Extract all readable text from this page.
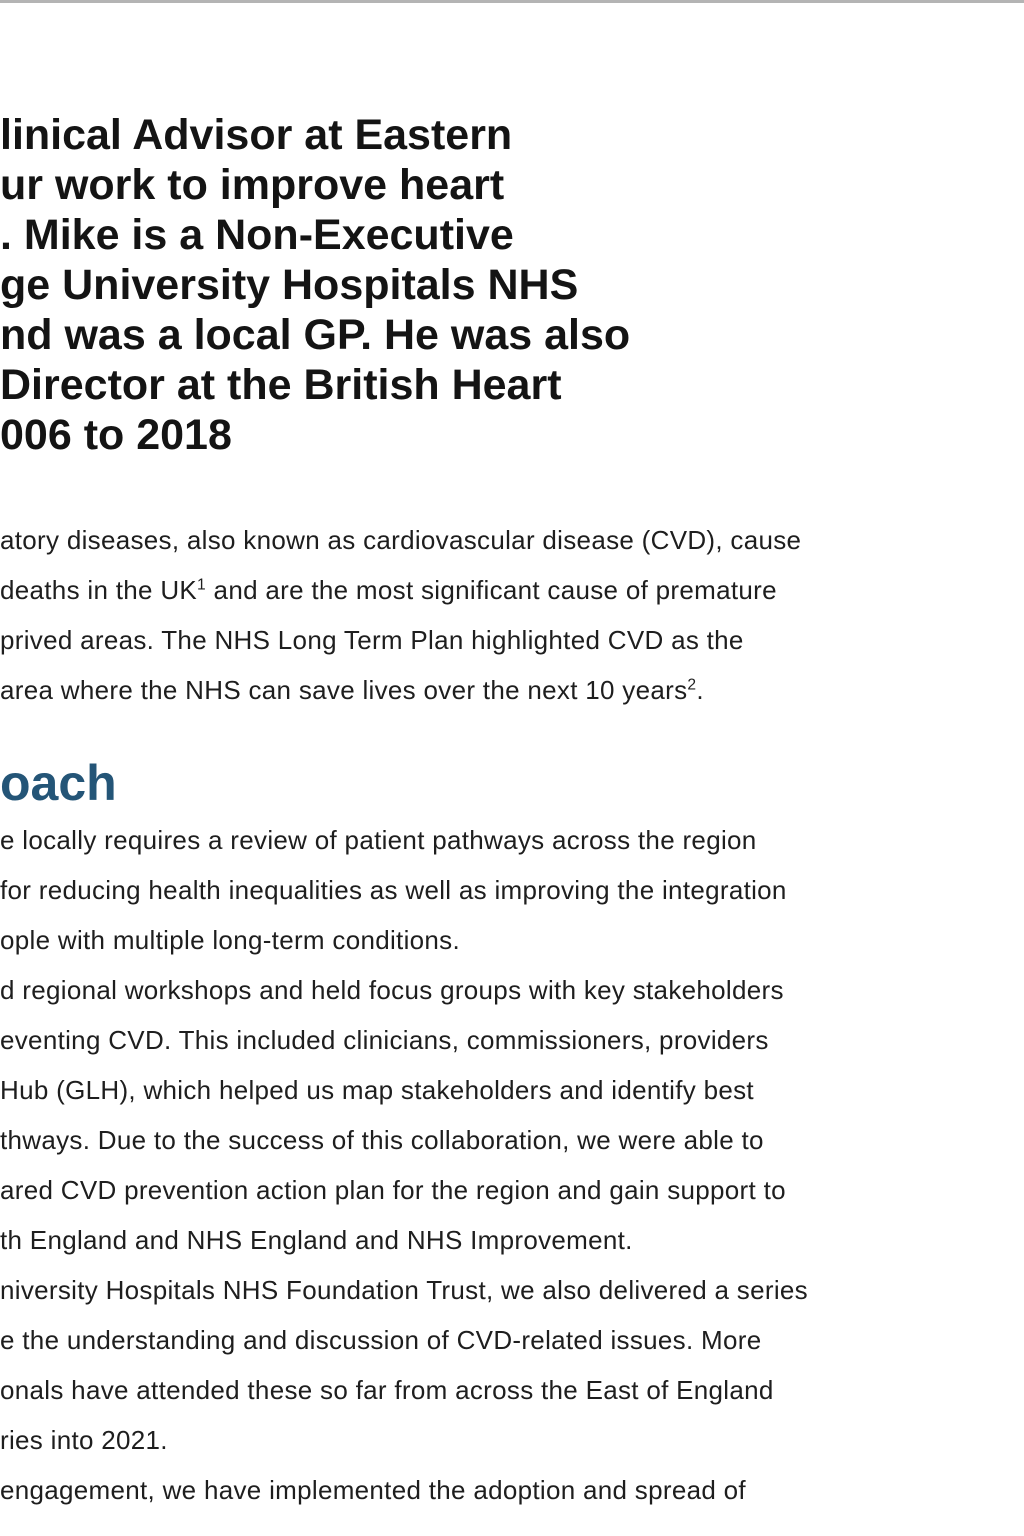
linical Advisor at Eastern
ur work to improve heart
. Mike is a Non-Executive
ge University Hospitals NHS
nd was a local GP. He was also
Director at the British Heart
006 to 2018
atory diseases, also known as cardiovascular disease (CVD), cause
deaths in the $UK^1$ and are the most significant cause of premature
prived areas. The NHS Long Term Plan highlighted CVD as the
area where the NHS can save lives over the next 10 years$^2$.
oach
e locally requires a review of patient pathways across the region
for reducing health inequalities as well as improving the integration
ople with multiple long-term conditions.
d regional workshops and held focus groups with key stakeholders
eventing CVD. This included clinicians, commissioners, providers
Hub (GLH), which helped us map stakeholders and identify best
thways. Due to the success of this collaboration, we were able to
ared CVD prevention action plan for the region and gain support to
th England and NHS England and NHS Improvement.
niversity Hospitals NHS Foundation Trust, we also delivered a series
e the understanding and discussion of CVD-related issues. More
onals have attended these so far from across the East of England
ries into 2021.
engagement, we have implemented the adoption and spread of
